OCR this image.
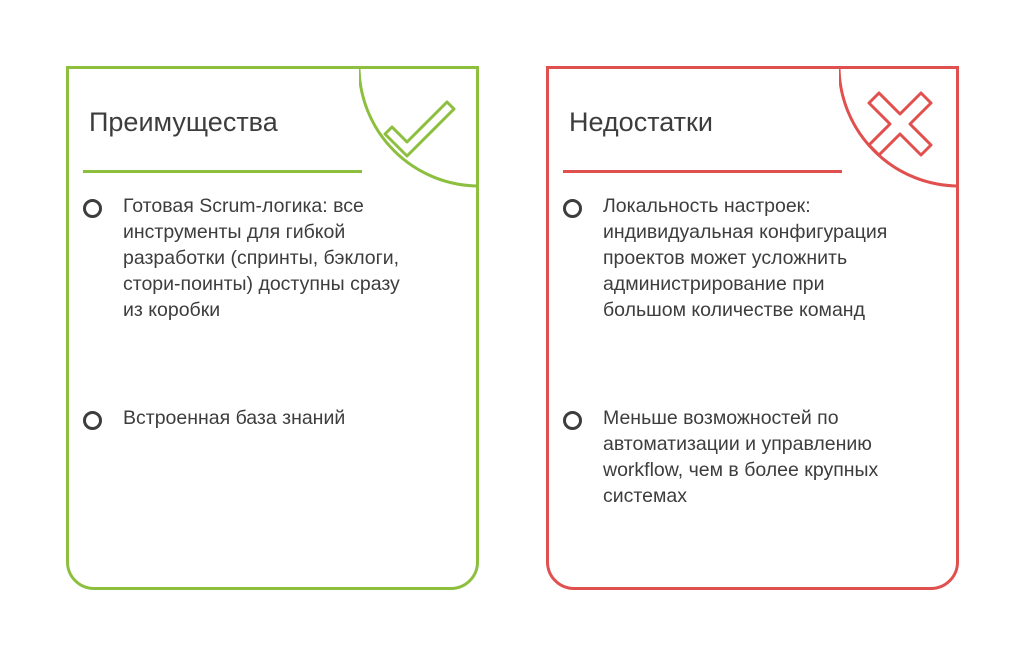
Преимущества
Готовая Scrum-логика: все инструменты для гибкой разработки (спринты, бэклоги, стори-поинты) доступны сразу из коробки
Встроенная база знаний
Недостатки
Локальность настроек: индивидуальная конфигурация проектов может усложнить администрирование при большом количестве команд
Меньше возможностей по автоматизации и управлению workflow, чем в более крупных системах
